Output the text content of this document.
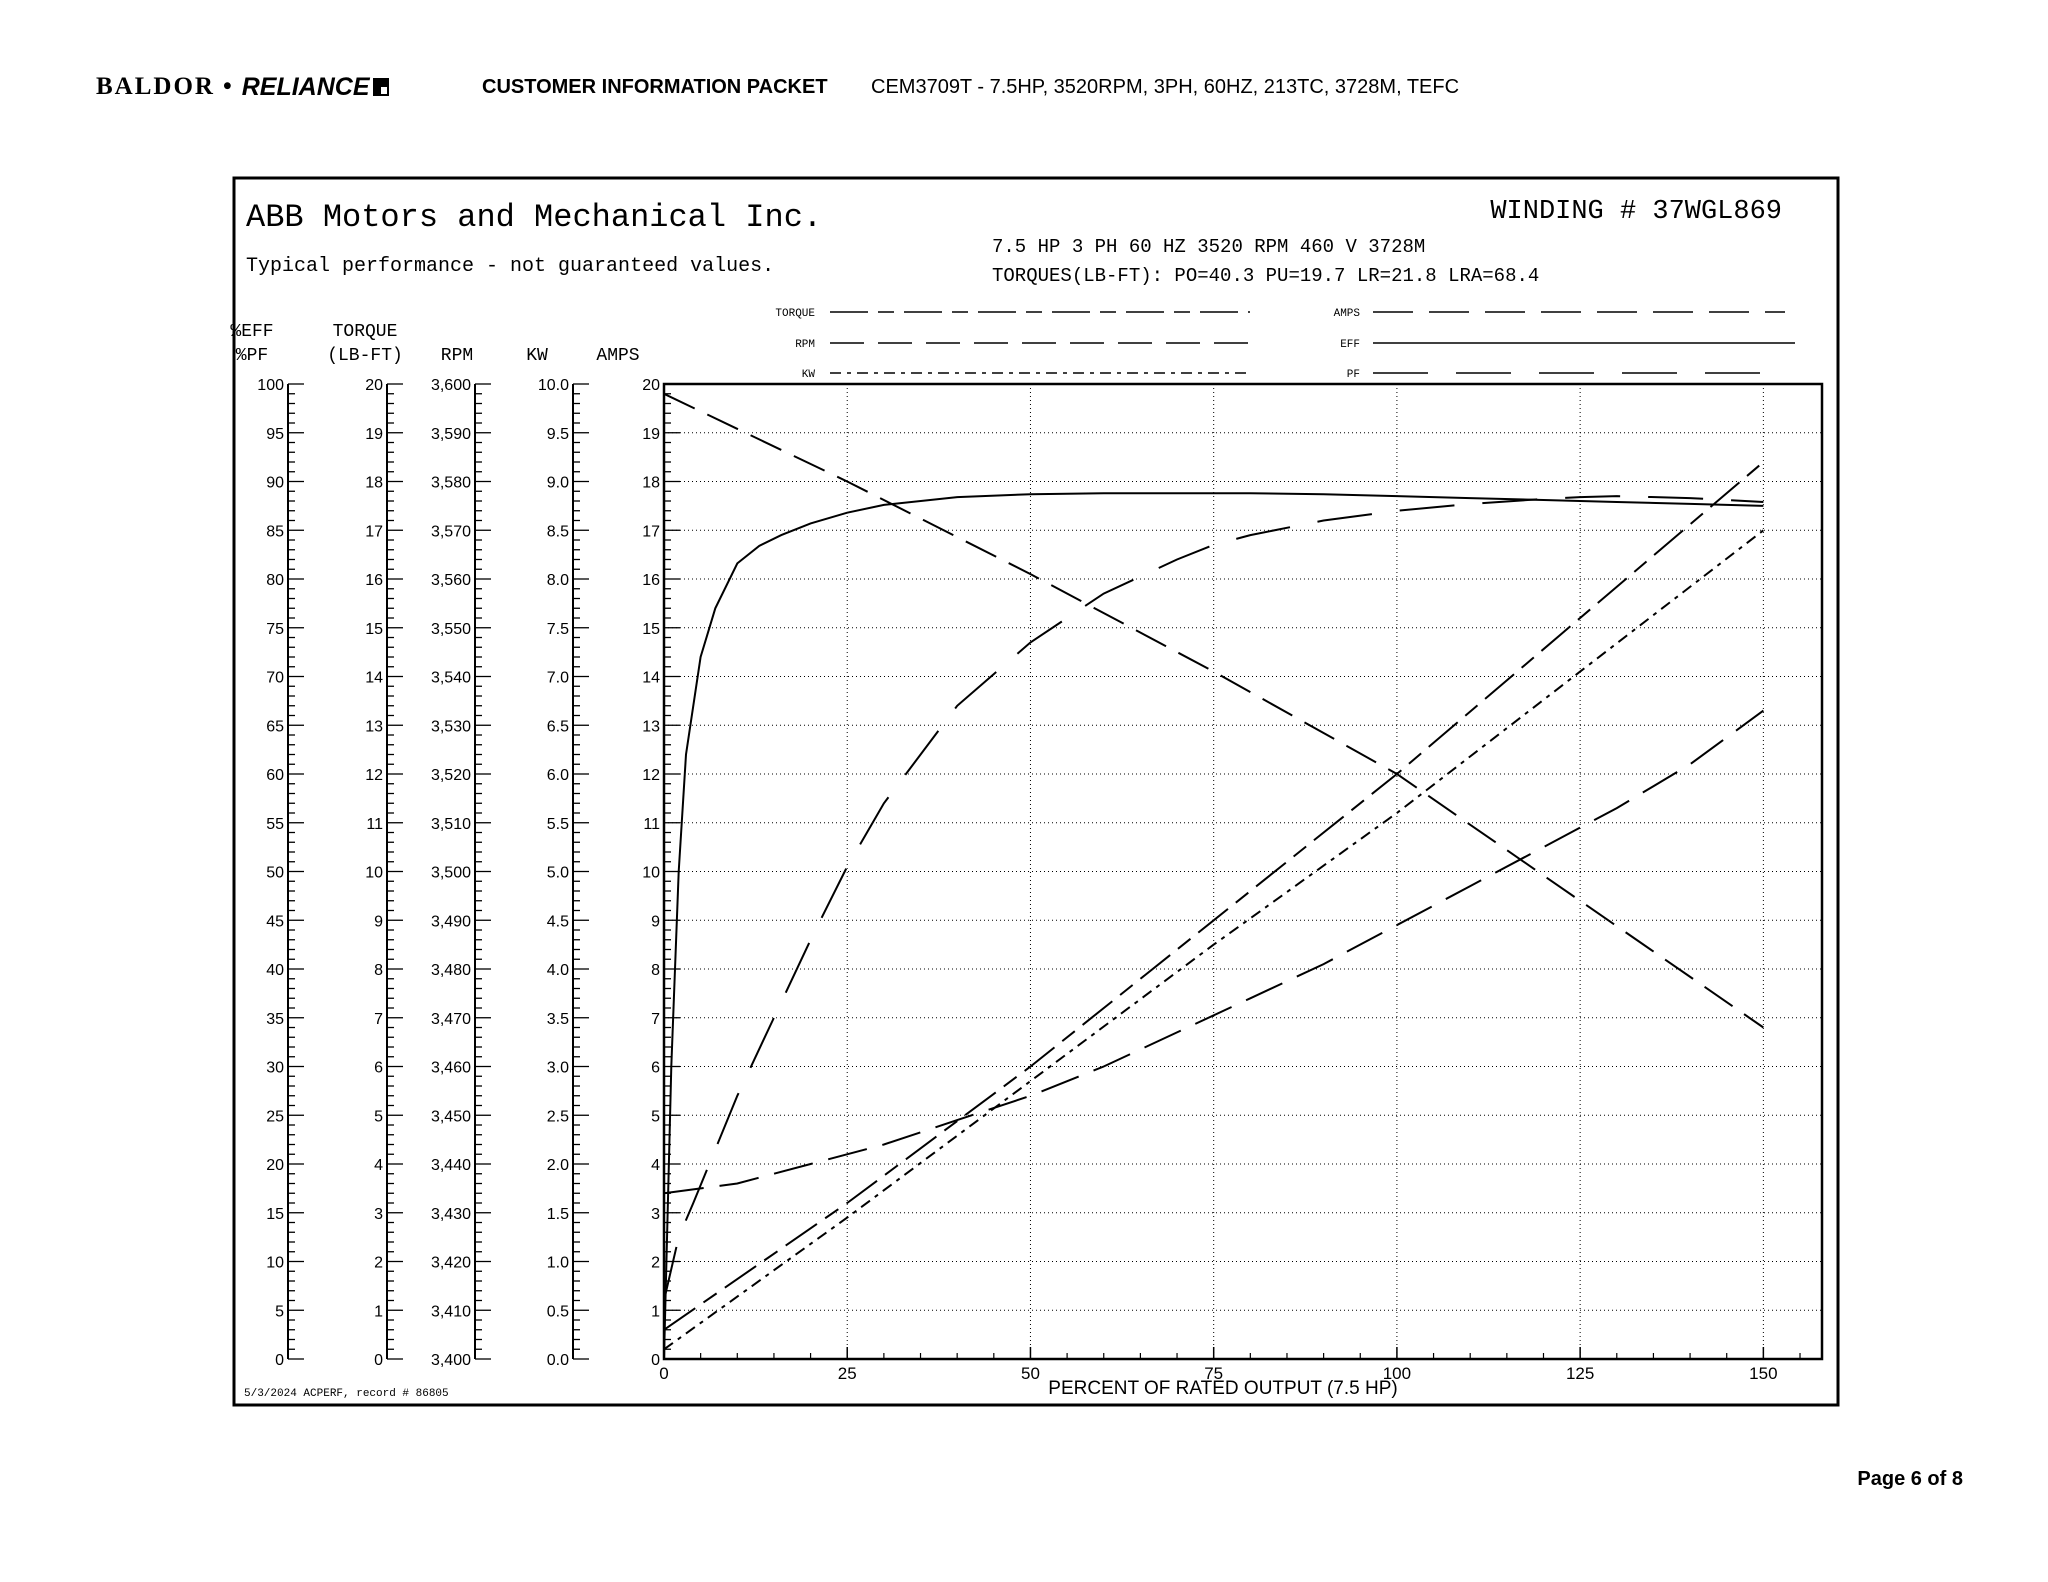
BALDOR • RELIANCE	CUSTOMER INFORMATION PACKET CEM3709T - 7.5HP, 3520RPM, 3PH, 60HZ, 213TC, 3728M, TEFC
ABB Motors and Mechanical Inc.
Typical performance - not guaranteed values.
WINDING # 37WGL869
7.5 HP 3 PH 60 HZ 3520 RPM 460 V 3728M
TORQUES(LB-FT): PO=40.3 PU=19.7 LR=21.8 LRA=68.4
5/3/2024 ACPERF, record # 86805
TORQUE
RPM
KW
AMPS
EFF
PF
0	25	50	75	100	125	150
PERCENT OF RATED OUTPUT (7.5 HP)
0
5
10
15
20
25
30
35
40
45
50
55
60
65
70
75
80
85
90
95
100
%EFF
%PF
0
1
2
3
4
5
6
7
8
9
10
11
12
13
14
15
16
17
18
19
20
TORQUE
(LB-FT)
3,400
3,410
3,420
3,430
3,440
3,450
3,460
3,470
3,480
3,490
3,500
3,510
3,520
3,530
3,540
3,550
3,560
3,570
3,580
3,590
3,600
RPM
0.0
0.5
1.0
1.5
2.0
2.5
3.0
3.5
4.0
4.5
5.0
5.5
6.0
6.5
7.0
7.5
8.0
8.5
9.0
9.5
10.0
KW
0
1
2
3
4
5
6
7
8
9
10
11
12
13
14
15
16
17
18
19
20
AMPS
Page 6 of 8
